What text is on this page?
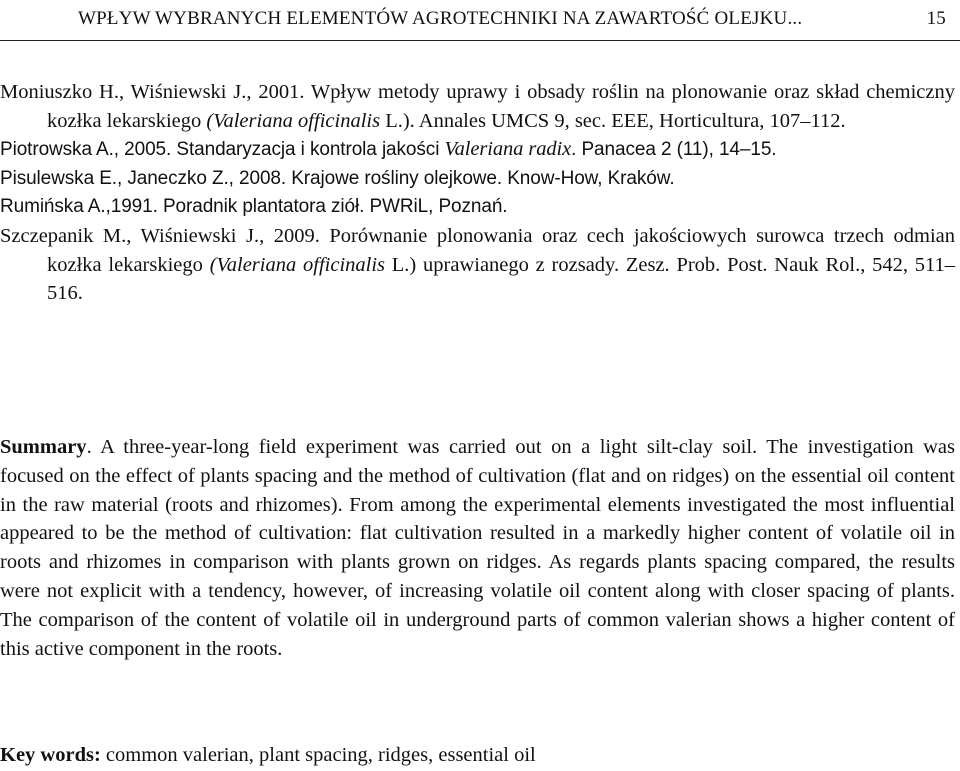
WPŁYW WYBRANYCH ELEMENTÓW AGROTECHNIKI NA ZAWARTOŚĆ OLEJKU...	15

Moniuszko H., Wiśniewski J., 2001. Wpływ metody uprawy i obsady roślin na plonowanie oraz skład chemiczny kozłka lekarskiego (Valeriana officinalis L.). Annales UMCS 9, sec. EEE, Horticultura, 107–112.

Piotrowska A., 2005. Standaryzacja i kontrola jakości Valeriana radix. Panacea 2 (11), 14–15.

Pisulewska E., Janeczko Z., 2008. Krajowe rośliny olejkowe. Know-How, Kraków.

Rumińska A.,1991. Poradnik plantatora ziół. PWRiL, Poznań.

Szczepanik M., Wiśniewski J., 2009. Porównanie plonowania oraz cech jakościowych surowca trzech odmian kozłka lekarskiego (Valeriana officinalis L.) uprawianego z rozsady. Zesz. Prob. Post. Nauk Rol., 542, 511–516.

Summary. A three-year-long field experiment was carried out on a light silt-clay soil. The investigation was focused on the effect of plants spacing and the method of cultivation (flat and on ridges) on the essential oil content in the raw material (roots and rhizomes). From among the experimental elements investigated the most influential appeared to be the method of cultivation: flat cultivation resulted in a markedly higher content of volatile oil in roots and rhizomes in comparison with plants grown on ridges. As regards plants spacing compared, the results were not explicit with a tendency, however, of increasing volatile oil content along with closer spacing of plants. The comparison of the content of volatile oil in underground parts of common valerian shows a higher content of this active component in the roots.

Key words: common valerian, plant spacing, ridges, essential oil
